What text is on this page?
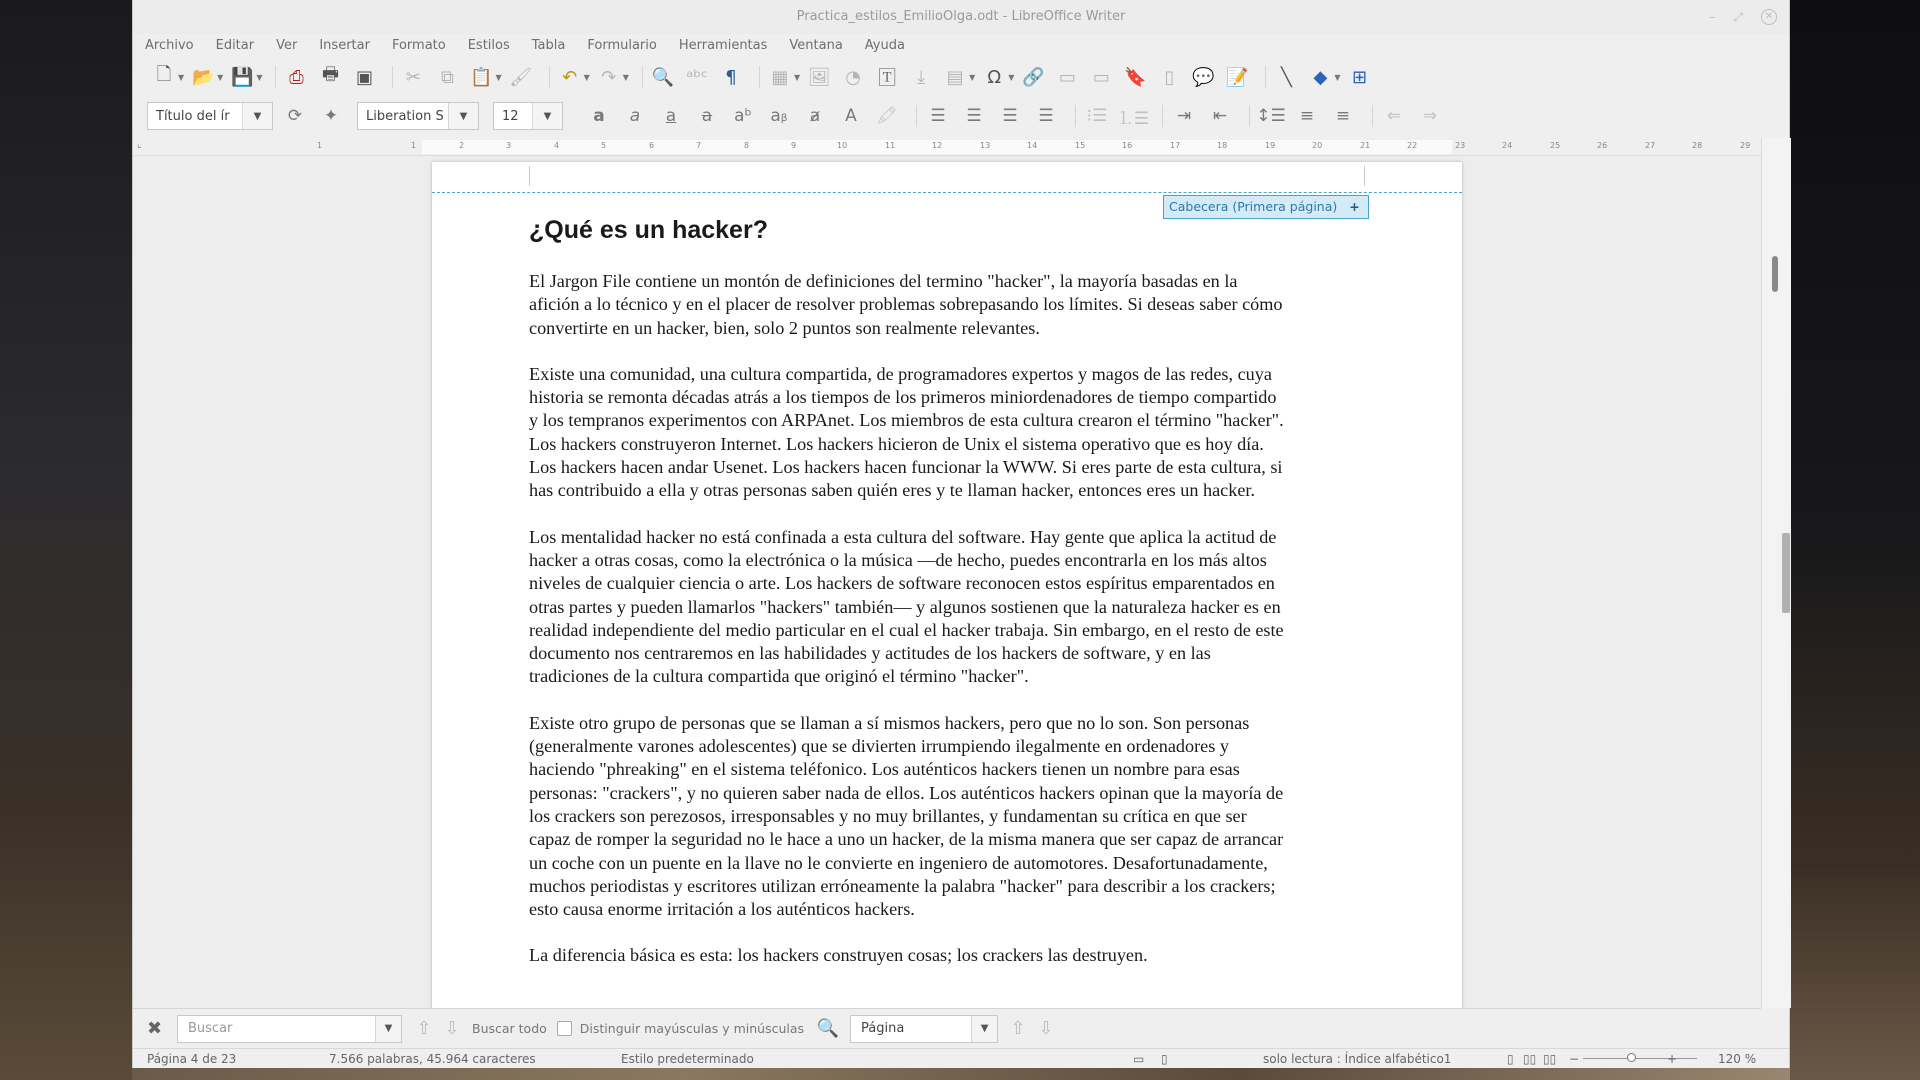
Practica_estilos_EmilioOlga.odt - LibreOffice Writer	– ⤢	✕
Archivo	Editar	Ver	Insertar	Formato	Estilos	Tabla	Formulario	Herramientas	Ventana	Ayuda
🗋 ▼ 📂 ▼ 💾 ▼	⎙	🖶 ▣	✂	⧉ 📋 ▼ 🖌	↶ ▼ ↷ ▼ 🔍 ᵃᵇᶜ ¶	▦ ▼ 🖼 ◔ 🅃	⤓	▤ ▼ Ω ▼ 🔗 ▭ ▭ 🔖 ▯ 💬 📝	╲	◆ ▼ ⊞
Título del ír	▼	⟳	✦	Liberation S	▼	12	▼	a	a	a	a	aᵇ	aᵦ	ⱥ	A	🖍	☰	☰	☰	☰	⁝☰ ⒈☰	⇥	⇤	↕☰ ≡	≡	⇐	⇒
⌞	1	1	2	3	4	5	6	7	8	9	10	11	12	13	14	15	16	17	18	19	20	21	22	23	24	25	26	27	28	29
Cabecera (Primera página) +
¿Qué es un hacker?

El Jargon File contiene un montón de definiciones del termino "hacker", la mayoría basadas en la
afición a lo técnico y en el placer de resolver problemas sobrepasando los límites. Si deseas saber cómo
convertirte en un hacker, bien, solo 2 puntos son realmente relevantes.

Existe una comunidad, una cultura compartida, de programadores expertos y magos de las redes, cuya
historia se remonta décadas atrás a los tiempos de los primeros miniordenadores de tiempo compartido
y los tempranos experimentos con ARPAnet. Los miembros de esta cultura crearon el término "hacker".
Los hackers construyeron Internet. Los hackers hicieron de Unix el sistema operativo que es hoy día.
Los hackers hacen andar Usenet. Los hackers hacen funcionar la WWW. Si eres parte de esta cultura, si
has contribuido a ella y otras personas saben quién eres y te llaman hacker, entonces eres un hacker.

Los mentalidad hacker no está confinada a esta cultura del software. Hay gente que aplica la actitud de
hacker a otras cosas, como la electrónica o la música —de hecho, puedes encontrarla en los más altos
niveles de cualquier ciencia o arte. Los hackers de software reconocen estos espíritus emparentados en
otras partes y pueden llamarlos "hackers" también— y algunos sostienen que la naturaleza hacker es en
realidad independiente del medio particular en el cual el hacker trabaja. Sin embargo, en el resto de este
documento nos centraremos en las habilidades y actitudes de los hackers de software, y en las
tradiciones de la cultura compartida que originó el término "hacker".

Existe otro grupo de personas que se llaman a sí mismos hackers, pero que no lo son. Son personas
(generalmente varones adolescentes) que se divierten irrumpiendo ilegalmente en ordenadores y
haciendo "phreaking" en el sistema teléfonico. Los auténticos hackers tienen un nombre para esas
personas: "crackers", y no quieren saber nada de ellos. Los auténticos hackers opinan que la mayoría de
los crackers son perezosos, irresponsables y no muy brillantes, y fundamentan su crítica en que ser
capaz de romper la seguridad no le hace a uno un hacker, de la misma manera que ser capaz de arrancar
un coche con un puente en la llave no le convierte en ingeniero de automotores. Desafortunadamente,
muchos periodistas y escritores utilizan erróneamente la palabra "hacker" para describir a los crackers;
esto causa enorme irritación a los auténticos hackers.

La diferencia básica es esta: los hackers construyen cosas; los crackers las destruyen.

✖	Buscar	▼	⇧ ⇩ Buscar todo	Distinguir mayúsculas y minúsculas 🔍	Página	▼	⇧ ⇩
Página 4 de 23	7.566 palabras, 45.964 caracteres	Estilo predeterminado	▭ ▯	solo lectura : Índice alfabético1	▯ ▯▯ ▯▯ −	+	120 %
